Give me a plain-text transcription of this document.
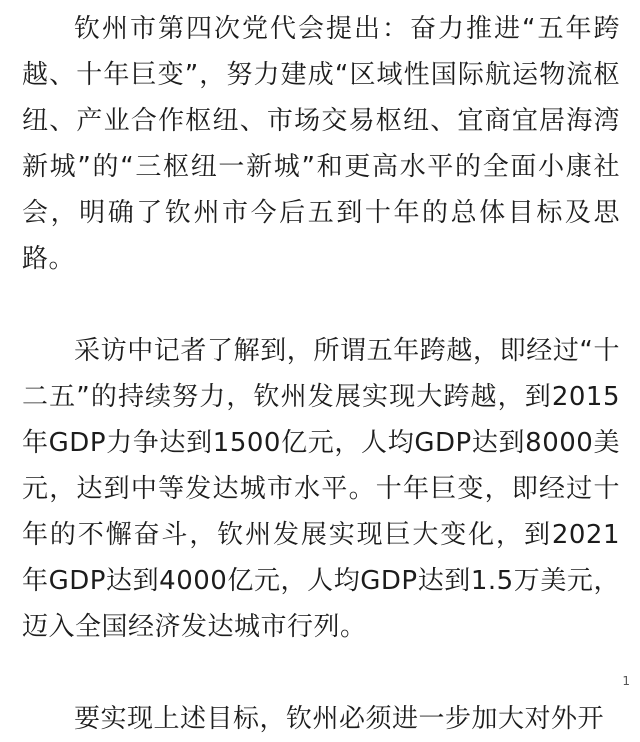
钦州市第四次党代会提出：奋力推进“五年跨越、十年巨变”，努力建成“区域性国际航运物流枢纽、产业合作枢纽、市场交易枢纽、宜商宜居海湾新城”的“三枢纽一新城”和更高水平的全面小康社会，明确了钦州市今后五到十年的总体目标及思路。

采访中记者了解到，所谓五年跨越，即经过“十二五”的持续努力，钦州发展实现大跨越，到2015年GDP力争达到1500亿元，人均GDP达到8000美元，达到中等发达城市水平。十年巨变，即经过十年的不懈奋斗，钦州发展实现巨大变化，到2021年GDP达到4000亿元，人均GDP达到1.5万美元，迈入全国经济发达城市行列。

要实现上述目标，钦州必须进一步加大对外开

1
